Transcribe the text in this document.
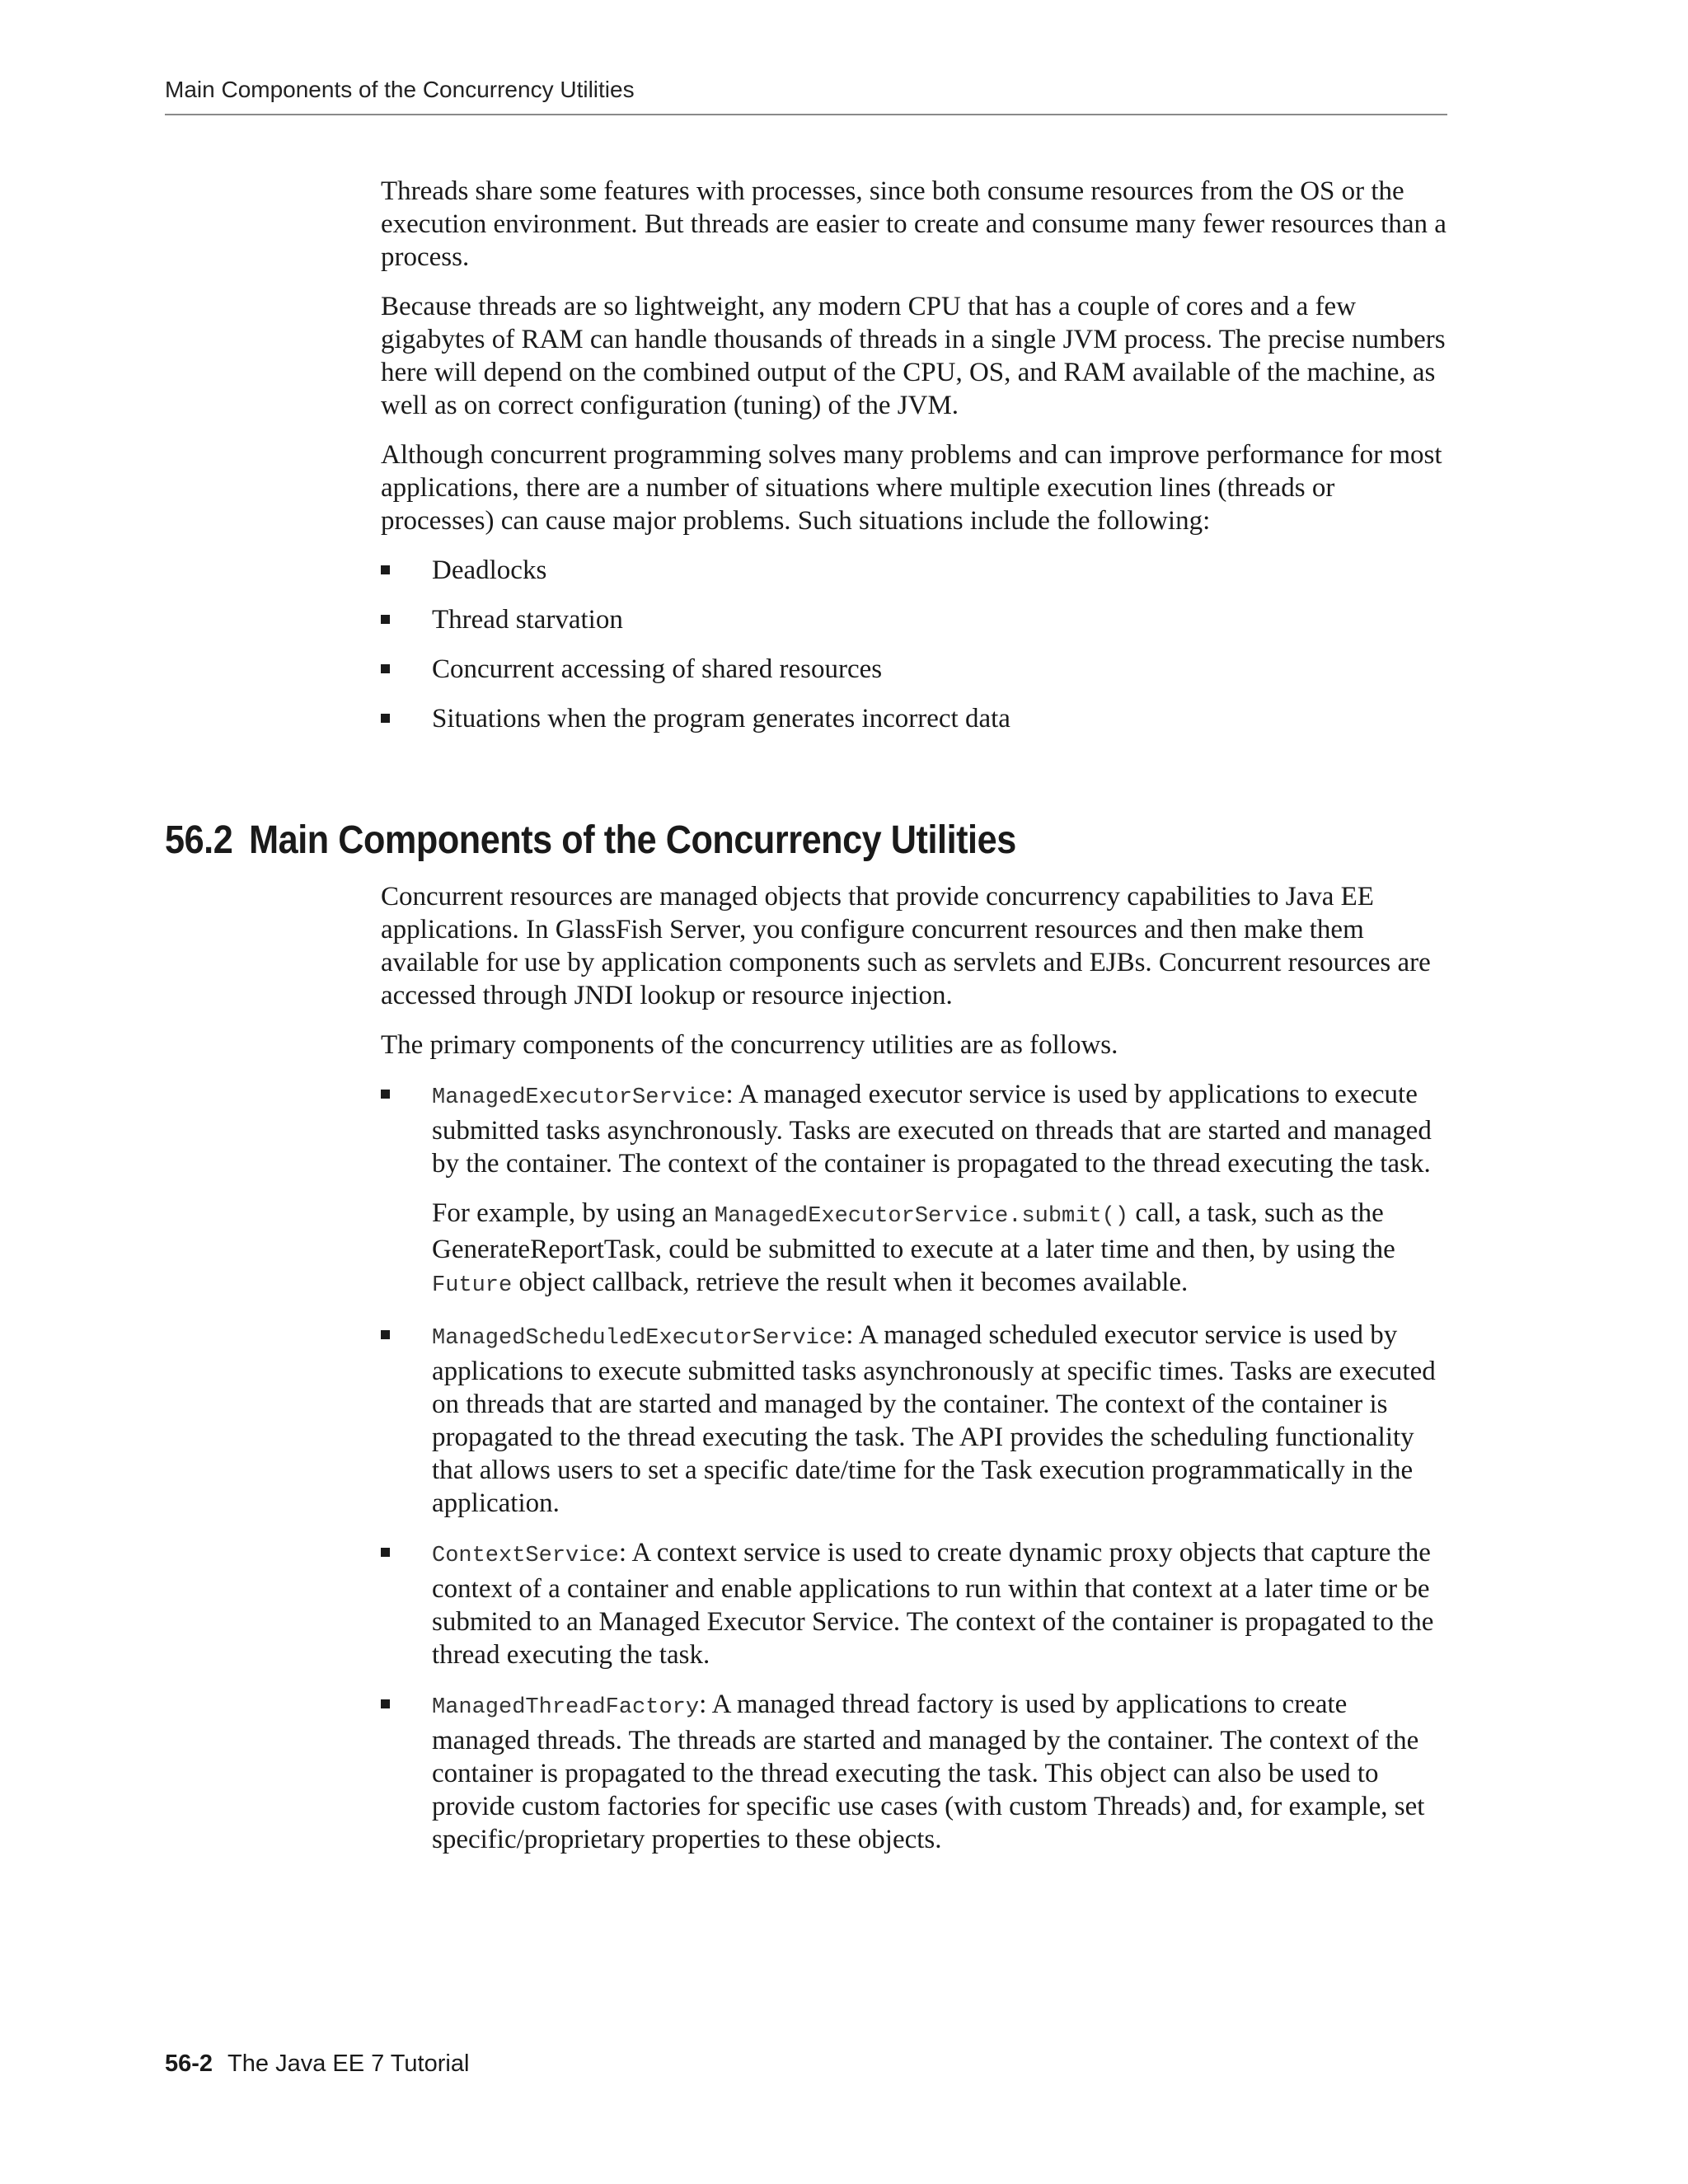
Main Components of the Concurrency Utilities

Threads share some features with processes, since both consume resources from the OS or the execution environment. But threads are easier to create and consume many fewer resources than a process.

Because threads are so lightweight, any modern CPU that has a couple of cores and a few gigabytes of RAM can handle thousands of threads in a single JVM process. The precise numbers here will depend on the combined output of the CPU, OS, and RAM available of the machine, as well as on correct configuration (tuning) of the JVM.

Although concurrent programming solves many problems and can improve performance for most applications, there are a number of situations where multiple execution lines (threads or processes) can cause major problems. Such situations include the following:

Deadlocks
Thread starvation
Concurrent accessing of shared resources
Situations when the program generates incorrect data
56.2 Main Components of the Concurrency Utilities

Concurrent resources are managed objects that provide concurrency capabilities to Java EE applications. In GlassFish Server, you configure concurrent resources and then make them available for use by application components such as servlets and EJBs. Concurrent resources are accessed through JNDI lookup or resource injection.

The primary components of the concurrency utilities are as follows.

ManagedExecutorService: A managed executor service is used by applications to execute submitted tasks asynchronously. Tasks are executed on threads that are started and managed by the container. The context of the container is propagated to the thread executing the task.

For example, by using an ManagedExecutorService.submit() call, a task, such as the GenerateReportTask, could be submitted to execute at a later time and then, by using the Future object callback, retrieve the result when it becomes available.

ManagedScheduledExecutorService: A managed scheduled executor service is used by applications to execute submitted tasks asynchronously at specific times. Tasks are executed on threads that are started and managed by the container. The context of the container is propagated to the thread executing the task. The API provides the scheduling functionality that allows users to set a specific date/time for the Task execution programmatically in the application.

ContextService: A context service is used to create dynamic proxy objects that capture the context of a container and enable applications to run within that context at a later time or be submited to an Managed Executor Service. The context of the container is propagated to the thread executing the task.

ManagedThreadFactory: A managed thread factory is used by applications to create managed threads. The threads are started and managed by the container. The context of the container is propagated to the thread executing the task. This object can also be used to provide custom factories for specific use cases (with custom Threads) and, for example, set specific/proprietary properties to these objects.

56-2 The Java EE 7 Tutorial
